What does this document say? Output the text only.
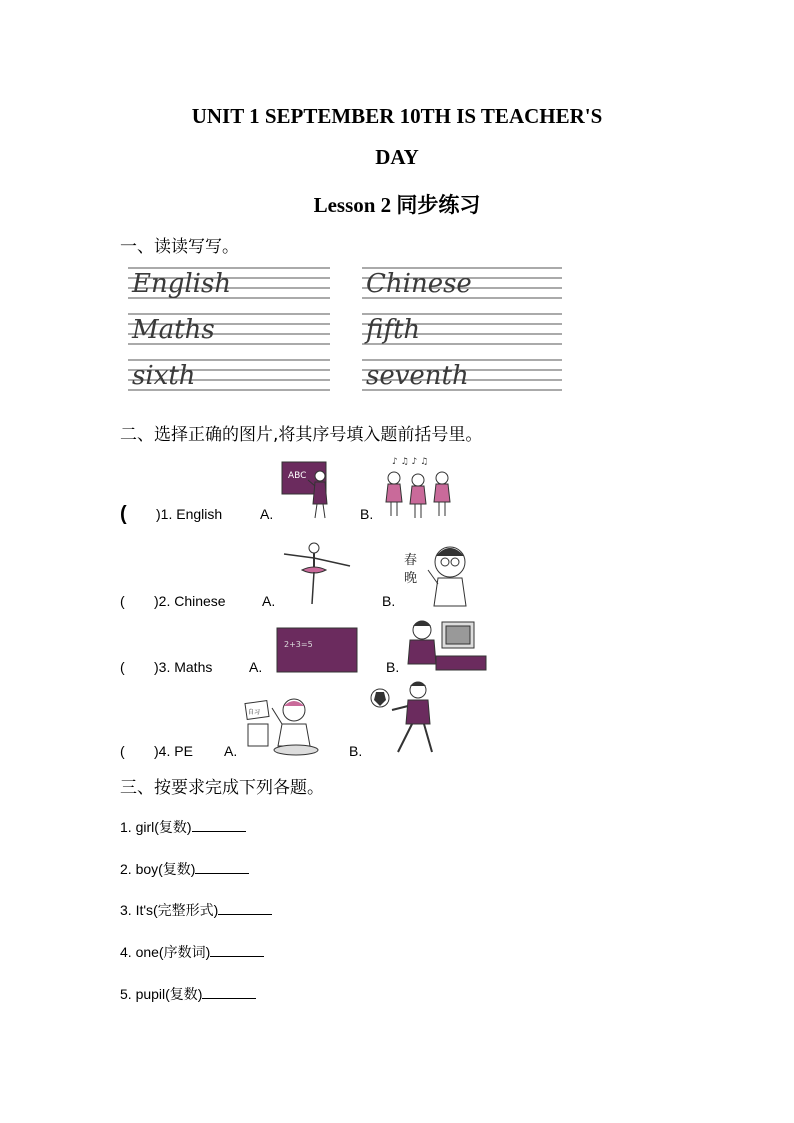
UNIT 1 SEPTEMBER 10TH IS TEACHER'S
DAY
Lesson 2 同步练习
一、读读写写。
English	Chinese
Maths	fifth
sixth	seventh
二、选择正确的图片,将其序号填入题前括号里。
( )1. English	A.
ABC
B.
♪ ♫ ♪ ♫
( )2. Chinese	A.	B.
春
晚
( )3. Maths	A.
2+3=5
B.
( )4. PE A.
自习
B.
三、按要求完成下列各题。
1. girl(复数)
2. boy(复数)
3. It's(完整形式)
4. one(序数词)
5. pupil(复数)
